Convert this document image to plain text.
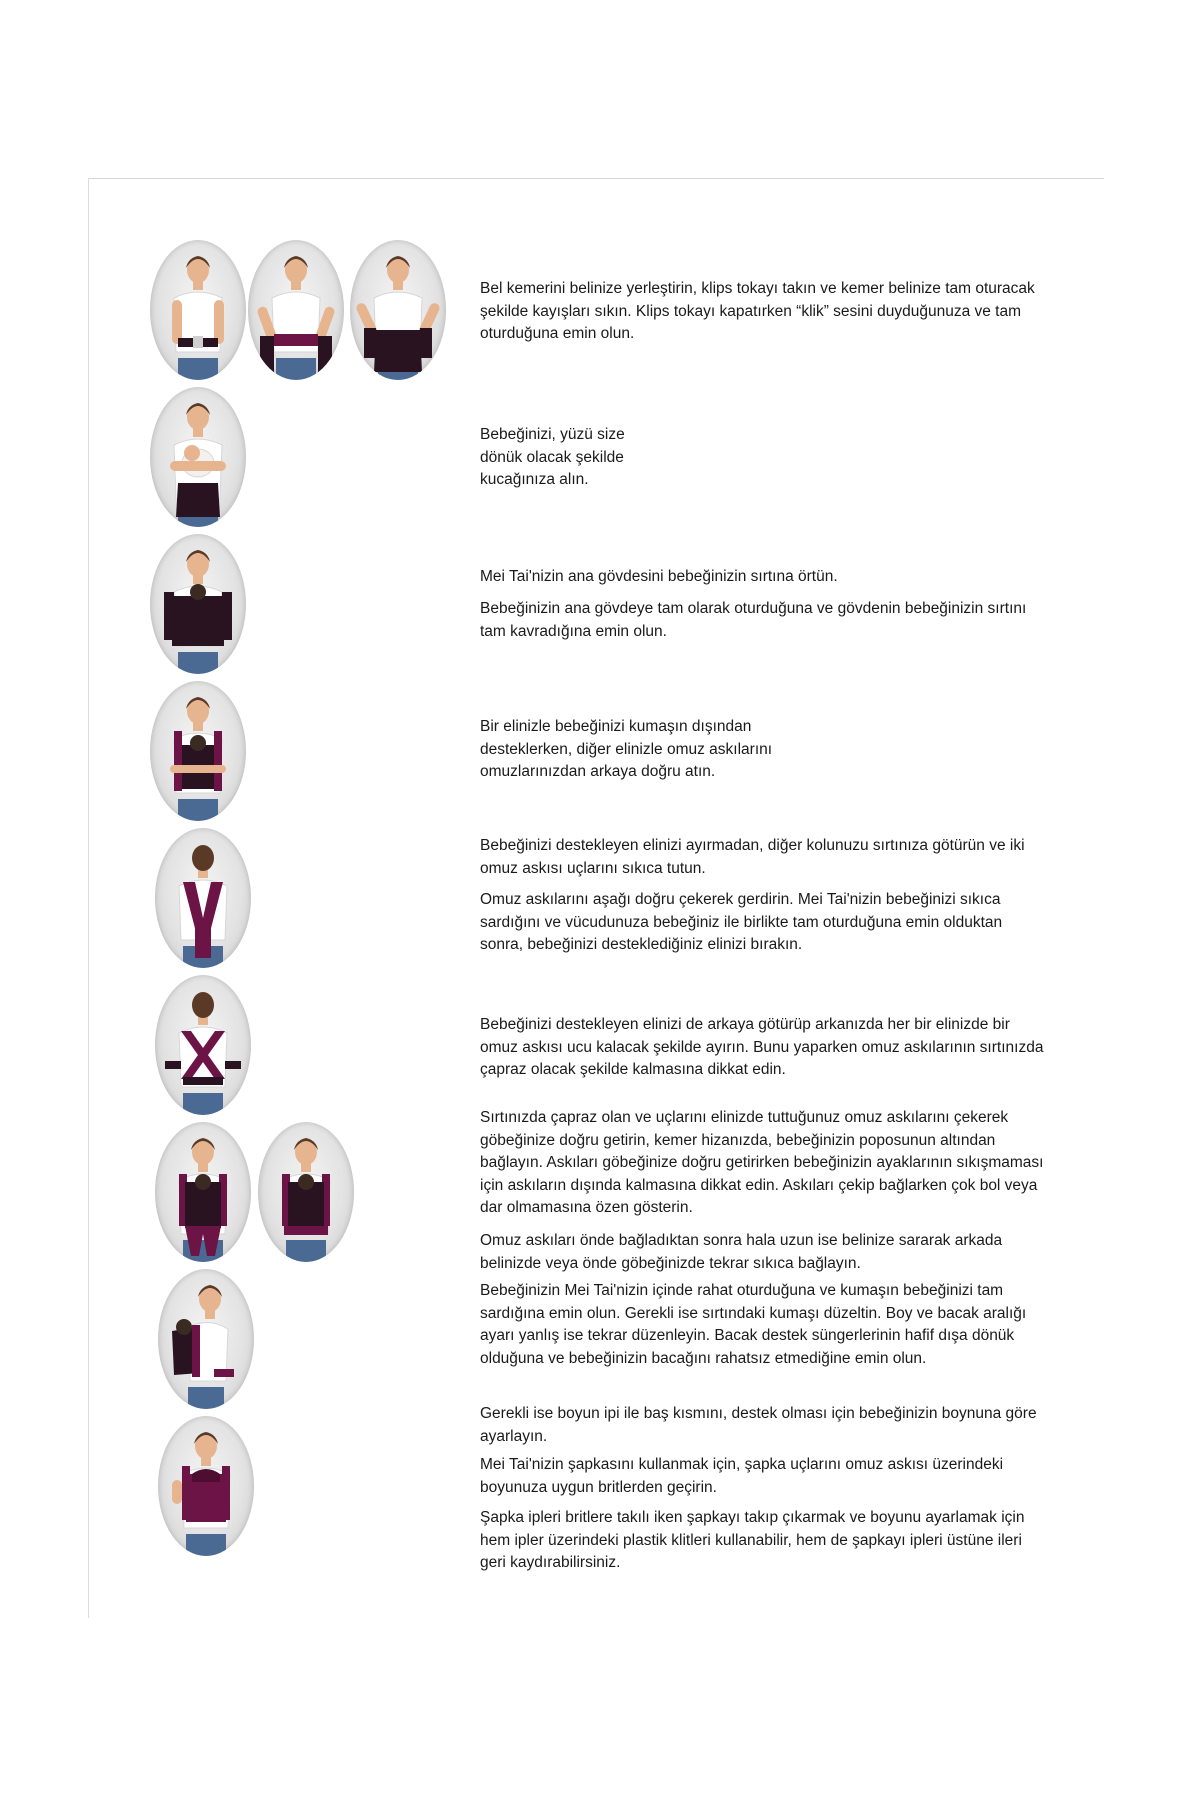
Bel kemerini belinize yerleştirin, klips tokayı takın ve kemer belinize tam oturacak şekilde kayışları sıkın. Klips tokayı kapatırken “klik” sesini duyduğunuza ve tam oturduğuna emin olun.

Bebeğinizi, yüzü size dönük olacak şekilde kucağınıza alın.

Mei Tai'nizin ana gövdesini bebeğinizin sırtına örtün.

Bebeğinizin ana gövdeye tam olarak oturduğuna ve gövdenin bebeğinizin sırtını tam kavradığına emin olun.

Bir elinizle bebeğinizi kumaşın dışından desteklerken, diğer elinizle omuz askılarını omuzlarınızdan arkaya doğru atın.

Bebeğinizi destekleyen elinizi ayırmadan, diğer kolunuzu sırtınıza götürün ve iki omuz askısı uçlarını sıkıca tutun.

Omuz askılarını aşağı doğru çekerek gerdirin. Mei Tai'nizin bebeğinizi sıkıca sardığını ve vücudunuza bebeğiniz ile birlikte tam oturduğuna emin olduktan sonra, bebeğinizi desteklediğiniz elinizi bırakın.

Bebeğinizi destekleyen elinizi de arkaya götürüp arkanızda her bir elinizde bir omuz askısı ucu kalacak şekilde ayırın. Bunu yaparken omuz askılarının sırtınızda çapraz olacak şekilde kalmasına dikkat edin.

Sırtınızda çapraz olan ve uçlarını elinizde tuttuğunuz omuz askılarını çekerek göbeğinize doğru getirin, kemer hizanızda, bebeğinizin poposunun altından bağlayın. Askıları göbeğinize doğru getirirken bebeğinizin ayaklarının sıkışmaması için askıların dışında kalmasına dikkat edin. Askıları çekip bağlarken çok bol veya dar olmamasına özen gösterin.

Omuz askıları önde bağladıktan sonra hala uzun ise belinize sararak arkada belinizde veya önde göbeğinizde tekrar sıkıca bağlayın.

Bebeğinizin Mei Tai'nizin içinde rahat oturduğuna ve kumaşın bebeğinizi tam sardığına emin olun. Gerekli ise sırtındaki kumaşı düzeltin. Boy ve bacak aralığı ayarı yanlış ise tekrar düzenleyin. Bacak destek süngerlerinin hafif dışa dönük olduğuna ve bebeğinizin bacağını rahatsız etmediğine emin olun.

Gerekli ise boyun ipi ile baş kısmını, destek olması için bebeğinizin boynuna göre ayarlayın.

Mei Tai'nizin şapkasını kullanmak için, şapka uçlarını omuz askısı üzerindeki boyunuza uygun britlerden geçirin.

Şapka ipleri britlere takılı iken şapkayı takıp çıkarmak ve boyunu ayarlamak için hem ipler üzerindeki plastik klitleri kullanabilir, hem de şapkayı ipleri üstüne ileri geri kaydırabilirsiniz.
